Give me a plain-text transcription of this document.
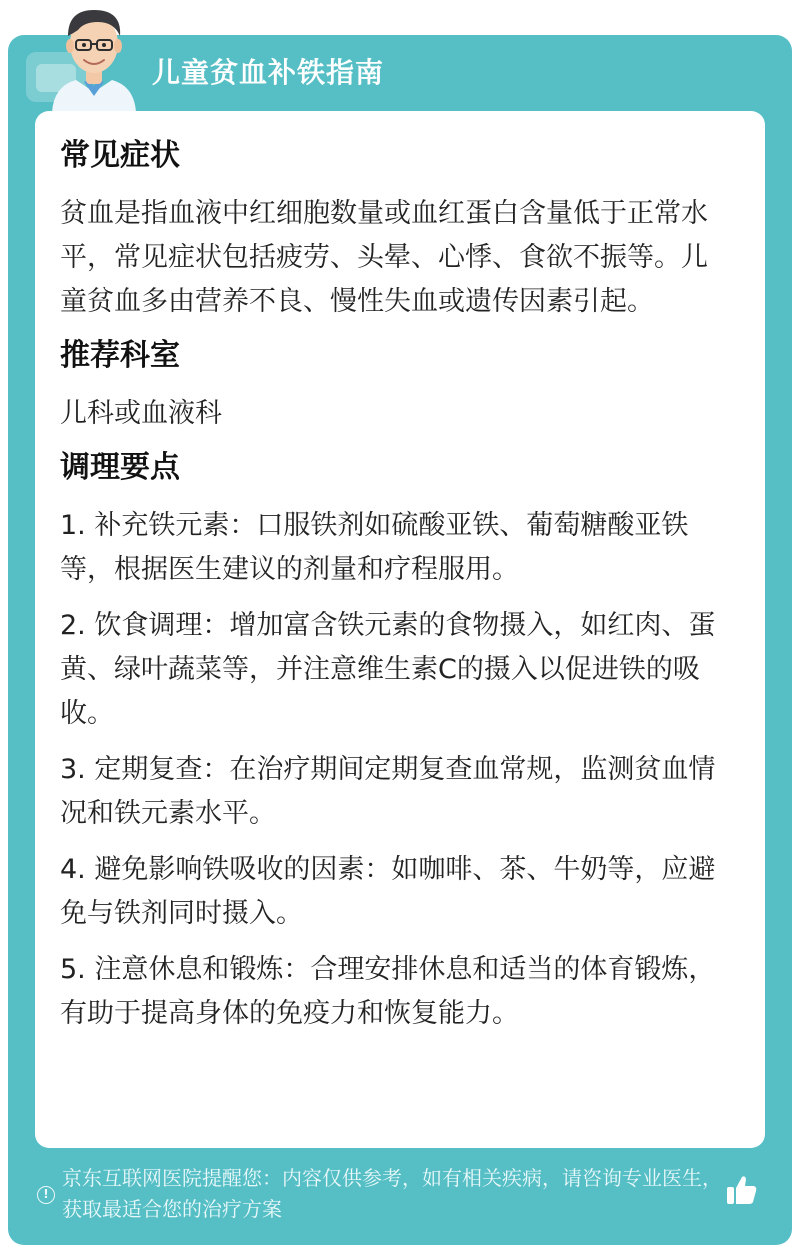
儿童贫血补铁指南
常见症状
贫血是指血液中红细胞数量或血红蛋白含量低于正常水平，常见症状包括疲劳、头晕、心悸、食欲不振等。儿童贫血多由营养不良、慢性失血或遗传因素引起。
推荐科室
儿科或血液科
调理要点
1. 补充铁元素：口服铁剂如硫酸亚铁、葡萄糖酸亚铁等，根据医生建议的剂量和疗程服用。
2. 饮食调理：增加富含铁元素的食物摄入，如红肉、蛋黄、绿叶蔬菜等，并注意维生素C的摄入以促进铁的吸收。
3. 定期复查：在治疗期间定期复查血常规，监测贫血情况和铁元素水平。
4. 避免影响铁吸收的因素：如咖啡、茶、牛奶等，应避免与铁剂同时摄入。
5. 注意休息和锻炼：合理安排休息和适当的体育锻炼，有助于提高身体的免疫力和恢复能力。
!
京东互联网医院提醒您：内容仅供参考，如有相关疾病，请咨询专业医生，获取最适合您的治疗方案
